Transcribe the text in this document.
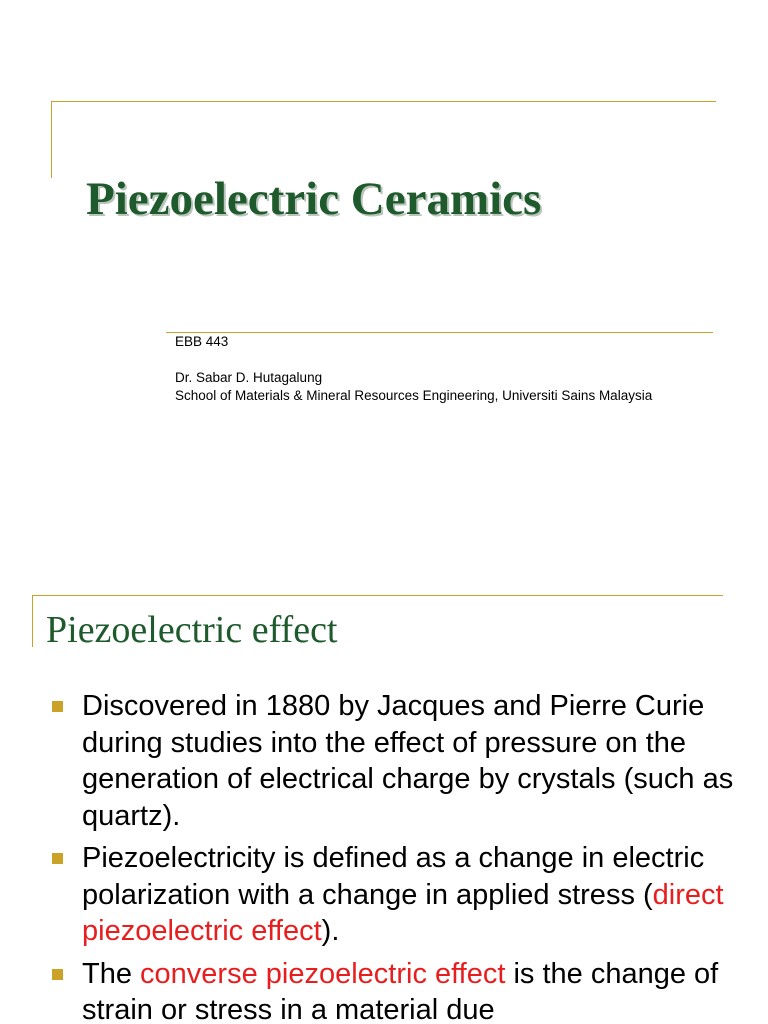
Piezoelectric Ceramics
EBB 443
Dr. Sabar D. Hutagalung
School of Materials & Mineral Resources Engineering, Universiti Sains Malaysia
Piezoelectric effect
Discovered in 1880 by Jacques and Pierre Curie during studies into the effect of pressure on the generation of electrical charge by crystals (such as quartz).
Piezoelectricity is defined as a change in electric polarization with a change in applied stress (direct piezoelectric effect).
The converse piezoelectric effect is the change of strain or stress in a material due
